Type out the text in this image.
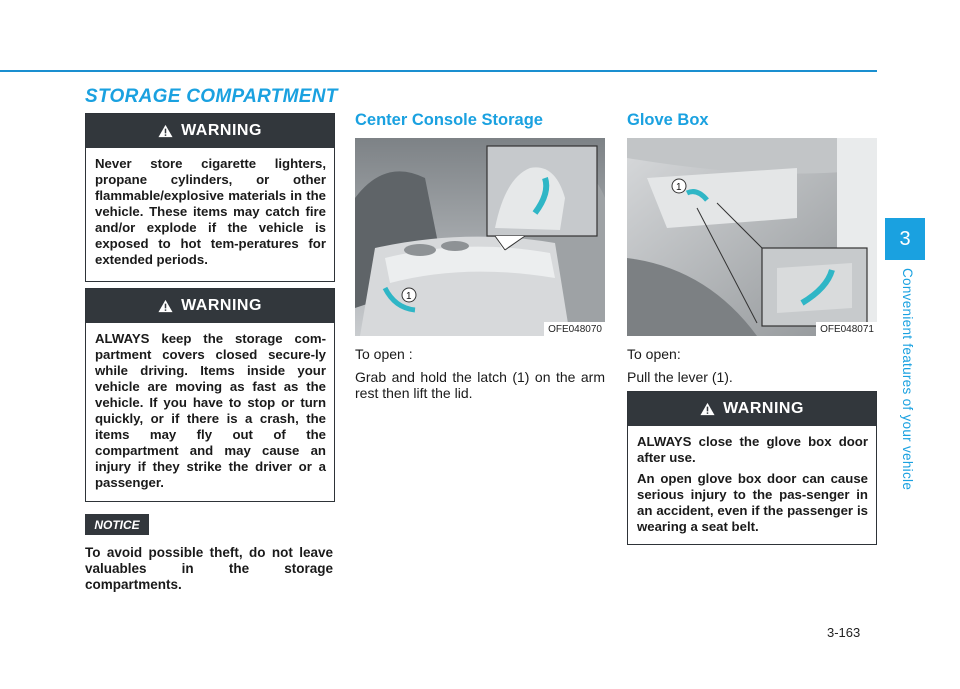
STORAGE COMPARTMENT
3
Convenient features of your vehicle
WARNING

Never store cigarette lighters, propane cylinders, or other flammable/explosive materials in the vehicle. These items may catch fire and/or explode if the vehicle is exposed to hot tem-peratures for extended periods.

WARNING

ALWAYS keep the storage com-partment covers closed secure-ly while driving. Items inside your vehicle are moving as fast as the vehicle. If you have to stop or turn quickly, or if there is a crash, the items may fly out of the compartment and may cause an injury if they strike the driver or a passenger.

NOTICE
To avoid possible theft, do not leave valuables in the storage compartments.
Center Console Storage
1
OFE048070

To open :

Grab and hold the latch (1) on the arm rest then lift the lid.

Glove Box
1
OFE048071

To open:

Pull the lever (1).

WARNING

ALWAYS close the glove box door after use.

An open glove box door can cause serious injury to the pas-senger in an accident, even if the passenger is wearing a seat belt.

3-163
